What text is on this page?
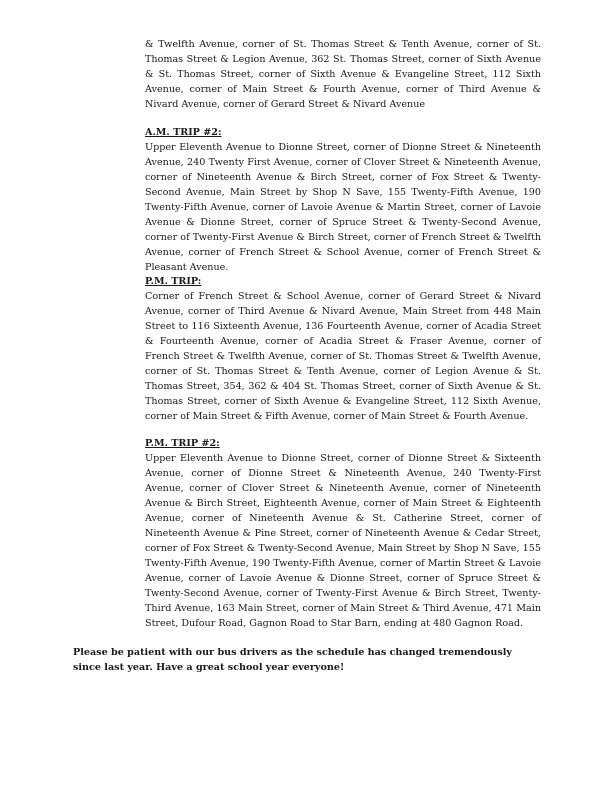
& Twelfth Avenue, corner of St. Thomas Street & Tenth Avenue, corner of St. Thomas Street & Legion Avenue, 362 St. Thomas Street, corner of Sixth Avenue & St. Thomas Street, corner of Sixth Avenue & Evangeline Street, 112 Sixth Avenue, corner of Main Street & Fourth Avenue, corner of Third Avenue & Nivard Avenue, corner of Gerard Street & Nivard Avenue

A.M. TRIP #2:

Upper Eleventh Avenue to Dionne Street, corner of Dionne Street & Nineteenth Avenue, 240 Twenty First Avenue, corner of Clover Street & Nineteenth Avenue, corner of Nineteenth Avenue & Birch Street, corner of Fox Street & Twenty-Second Avenue, Main Street by Shop N Save, 155 Twenty-Fifth Avenue, 190 Twenty-Fifth Avenue, corner of Lavoie Avenue & Martin Street, corner of Lavoie Avenue & Dionne Street, corner of Spruce Street & Twenty-Second Avenue, corner of Twenty-First Avenue & Birch Street, corner of French Street & Twelfth Avenue, corner of French Street & School Avenue, corner of French Street & Pleasant Avenue.

P.M. TRIP:

Corner of French Street & School Avenue, corner of Gerard Street & Nivard Avenue, corner of Third Avenue & Nivard Avenue, Main Street from 448 Main Street to 116 Sixteenth Avenue, 136 Fourteenth Avenue, corner of Acadia Street & Fourteenth Avenue, corner of Acadia Street & Fraser Avenue, corner of French Street & Twelfth Avenue, corner of St. Thomas Street & Twelfth Avenue, corner of St. Thomas Street & Tenth Avenue, corner of Legion Avenue & St. Thomas Street, 354, 362 & 404 St. Thomas Street, corner of Sixth Avenue & St. Thomas Street, corner of Sixth Avenue & Evangeline Street, 112 Sixth Avenue, corner of Main Street & Fifth Avenue, corner of Main Street & Fourth Avenue.

P.M. TRIP #2:

Upper Eleventh Avenue to Dionne Street, corner of Dionne Street & Sixteenth Avenue, corner of Dionne Street & Nineteenth Avenue, 240 Twenty-First Avenue, corner of Clover Street & Nineteenth Avenue, corner of Nineteenth Avenue & Birch Street, Eighteenth Avenue, corner of Main Street & Eighteenth Avenue, corner of Nineteenth Avenue & St. Catherine Street, corner of Nineteenth Avenue & Pine Street, corner of Nineteenth Avenue & Cedar Street, corner of Fox Street & Twenty-Second Avenue, Main Street by Shop N Save, 155 Twenty-Fifth Avenue, 190 Twenty-Fifth Avenue, corner of Martin Street & Lavoie Avenue, corner of Lavoie Avenue & Dionne Street, corner of Spruce Street & Twenty-Second Avenue, corner of Twenty-First Avenue & Birch Street, Twenty-Third Avenue, 163 Main Street, corner of Main Street & Third Avenue, 471 Main Street, Dufour Road, Gagnon Road to Star Barn, ending at 480 Gagnon Road.

Please be patient with our bus drivers as the schedule has changed tremendously since last year. Have a great school year everyone!
